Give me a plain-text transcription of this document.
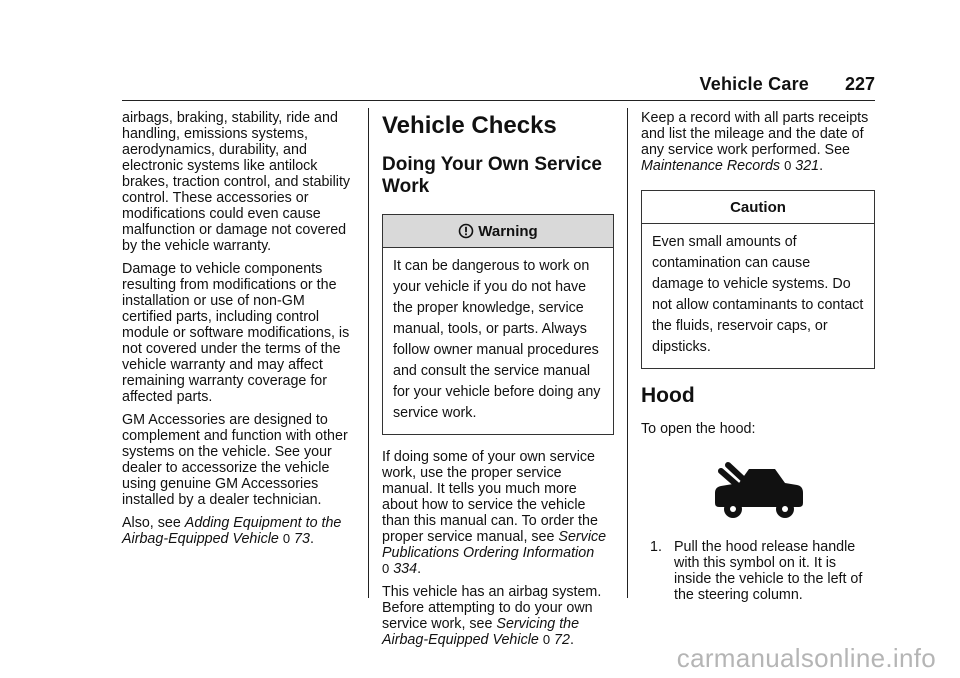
Vehicle Care 227

airbags, braking, stability, ride and handling, emissions systems, aerodynamics, durability, and electronic systems like antilock brakes, traction control, and stability control. These accessories or modifications could even cause malfunction or damage not covered by the vehicle warranty.

Damage to vehicle components resulting from modifications or the installation or use of non-GM certified parts, including control module or software modifications, is not covered under the terms of the vehicle warranty and may affect remaining warranty coverage for affected parts.

GM Accessories are designed to complement and function with other systems on the vehicle. See your dealer to accessorize the vehicle using genuine GM Accessories installed by a dealer technician.

Also, see Adding Equipment to the Airbag-Equipped Vehicle 0 73.

Vehicle Checks
Doing Your Own Service Work
Warning
It can be dangerous to work on your vehicle if you do not have the proper knowledge, service manual, tools, or parts. Always follow owner manual procedures and consult the service manual for your vehicle before doing any service work.

If doing some of your own service work, use the proper service manual. It tells you much more about how to service the vehicle than this manual can. To order the proper service manual, see Service Publications Ordering Information
0 334.

This vehicle has an airbag system. Before attempting to do your own service work, see Servicing the Airbag-Equipped Vehicle 0 72.

Keep a record with all parts receipts and list the mileage and the date of any service work performed. See Maintenance Records 0 321.

Caution
Even small amounts of contamination can cause damage to vehicle systems. Do not allow contaminants to contact the fluids, reservoir caps, or dipsticks.
Hood

To open the hood:

1. Pull the hood release handle with this symbol on it. It is inside the vehicle to the left of the steering column.
carmanualsonline.info
